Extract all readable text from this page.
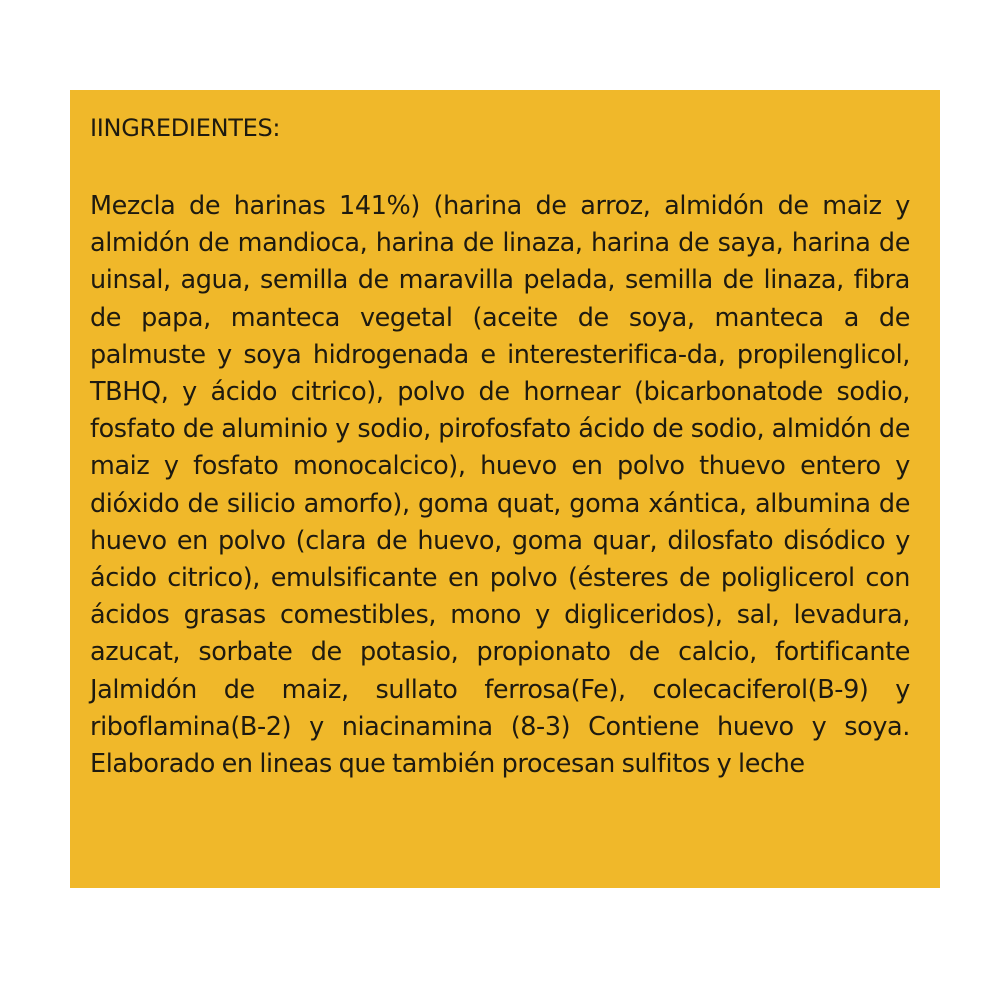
IINGREDIENTES:

Mezcla de harinas 141%) (harina de arroz, almidón de maiz y almidón de mandioca, harina de linaza, harina de saya, harina de uinsal, agua, semilla de maravilla pelada, semilla de linaza, fibra de papa, manteca vegetal (aceite de soya, manteca a de palmuste y soya hidrogenada e interesterifica-da, propilenglicol, TBHQ, y ácido citrico), polvo de hornear (bicarbonatode sodio, fosfato de aluminio y sodio, pirofosfato ácido de sodio, almidón de maiz y fosfato monocalcico), huevo en polvo thuevo entero y dióxido de silicio amorfo), goma quat, goma xántica, albumina de huevo en polvo (clara de huevo, goma quar, dilosfato disódico y ácido citrico), emulsificante en polvo (ésteres de poliglicerol con ácidos grasas comestibles, mono y digliceridos), sal, levadura, azucat, sorbate de potasio, propionato de calcio, fortificante Jalmidón de maiz, sullato ferrosa(Fe), colecaciferol(B-9) y riboflamina(B-2) y niacinamina (8-3) Contiene huevo y soya. Elaborado en lineas que también procesan sulfitos y leche
